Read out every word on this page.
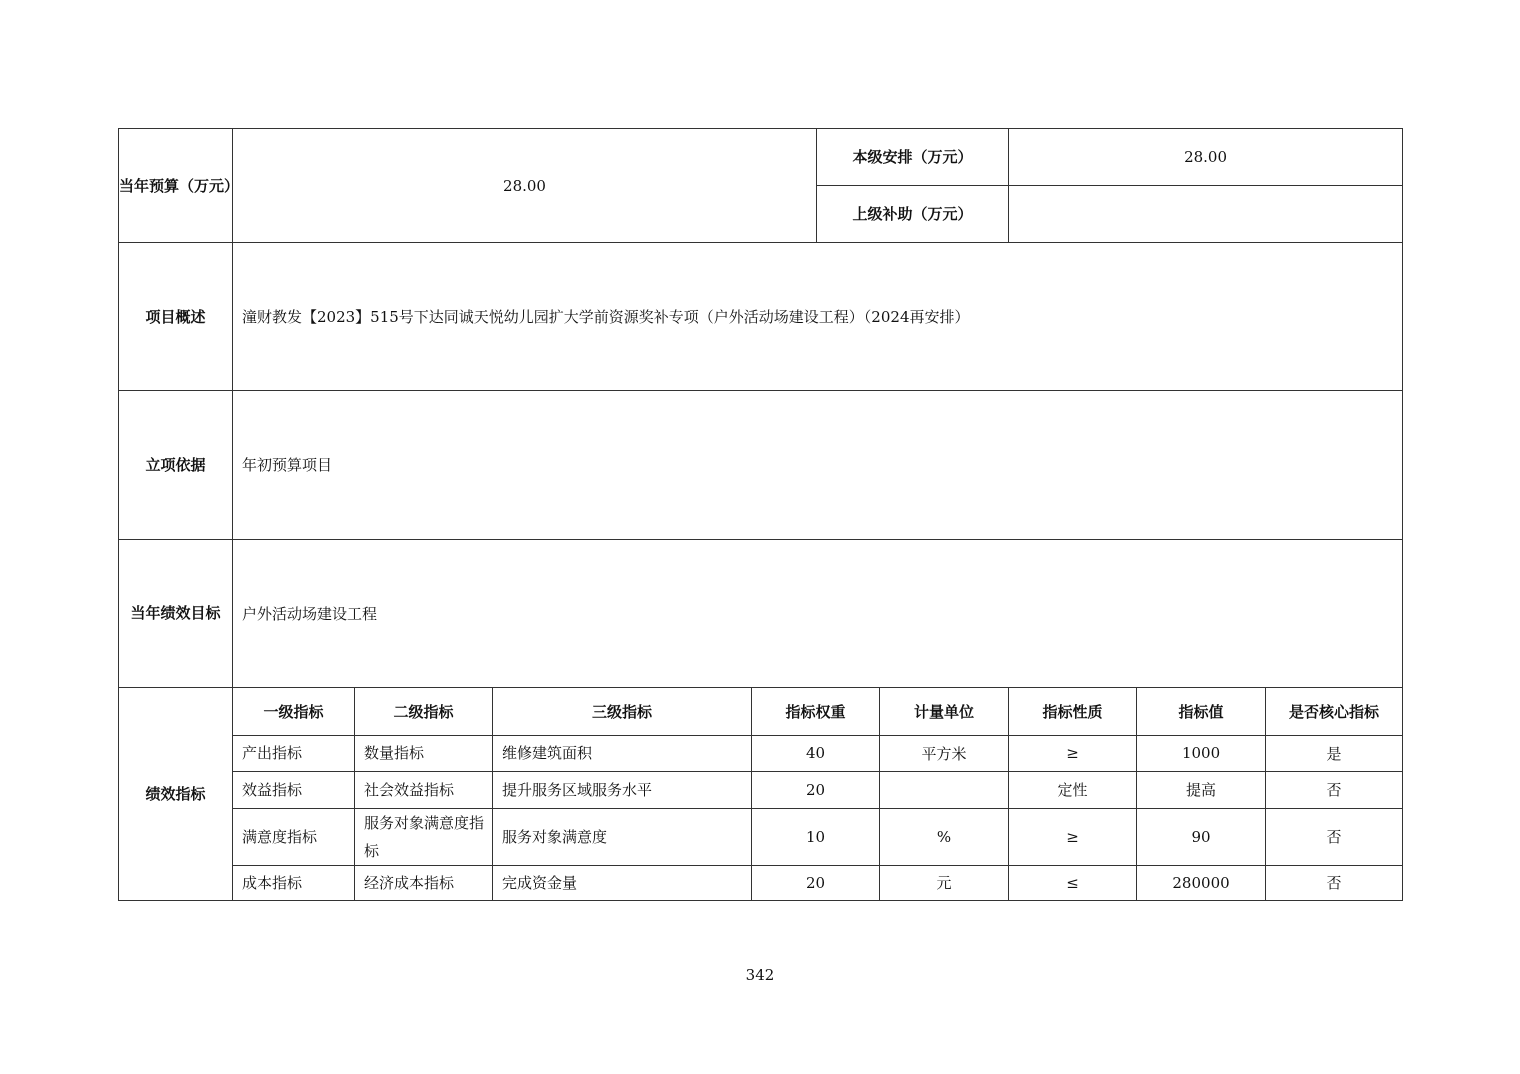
当年预算（万元）	28.00				本级安排（万元）		28.00		
					上级补助（万元）				
项目概述	潼财教发【2023】515号下达同诚天悦幼儿园扩大学前资源奖补专项（户外活动场建设工程）（2024再安排）								
立项依据	年初预算项目								
当年绩效目标	户外活动场建设工程								
绩效指标	一级指标	二级指标	三级指标	指标权重		计量单位	指标性质	指标值	是否核心指标
	产出指标	数量指标	维修建筑面积	40		平方米	≥	1000	是
	效益指标	社会效益指标	提升服务区域服务水平	20			定性	提高	否
	满意度指标	服务对象满意度指标	服务对象满意度	10		%	≥	90	否
	成本指标	经济成本指标	完成资金量	20		元	≤	280000	否
342
